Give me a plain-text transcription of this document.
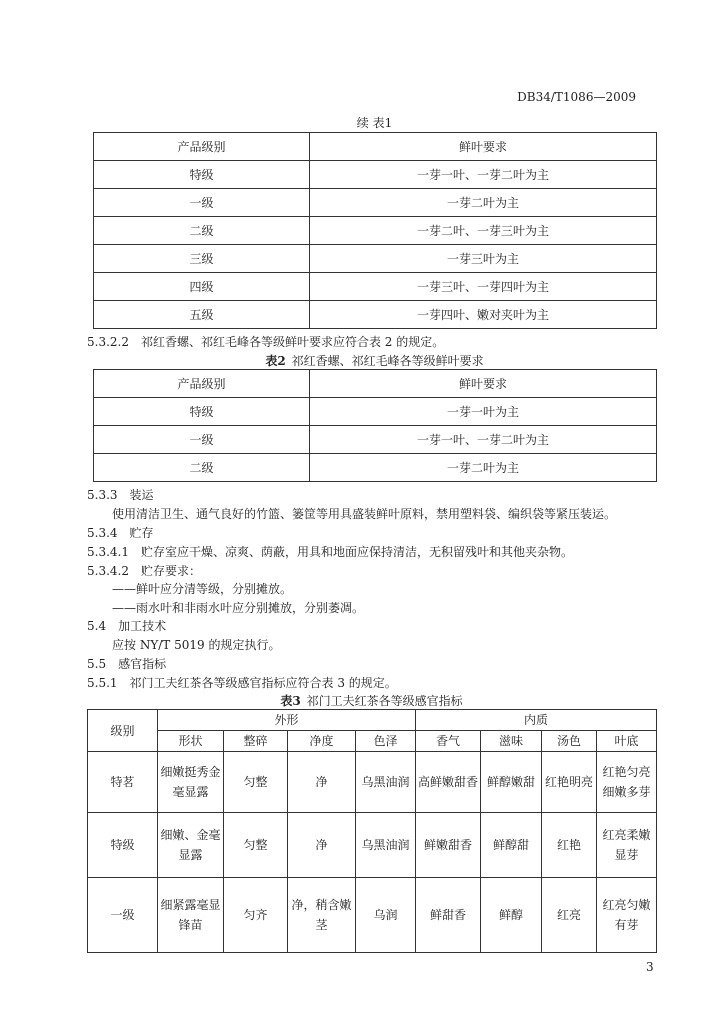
DB34/T1086—2009
续 表1
产品级别	鲜叶要求
特级	一芽一叶、一芽二叶为主
一级	一芽二叶为主
二级	一芽二叶、一芽三叶为主
三级	一芽三叶为主
四级	一芽三叶、一芽四叶为主
五级	一芽四叶、嫩对夹叶为主
5.3.2.2　祁红香螺、祁红毛峰各等级鲜叶要求应符合表 2 的规定。
表2 祁红香螺、祁红毛峰各等级鲜叶要求
产品级别	鲜叶要求
特级	一芽一叶为主
一级	一芽一叶、一芽二叶为主
二级	一芽二叶为主
5.3.3　装运
使用清洁卫生、通气良好的竹篮、篓筐等用具盛装鲜叶原料，禁用塑料袋、编织袋等紧压装运。
5.3.4　贮存
5.3.4.1　贮存室应干燥、凉爽、荫蔽，用具和地面应保持清洁，无积留残叶和其他夹杂物。
5.3.4.2　贮存要求：
——鲜叶应分清等级，分别摊放。
——雨水叶和非雨水叶应分别摊放，分别萎凋。
5.4　加工技术
应按 NY/T 5019 的规定执行。
5.5　感官指标
5.5.1　祁门工夫红茶各等级感官指标应符合表 3 的规定。
表3 祁门工夫红茶各等级感官指标
级别	外形				内质			
	形状	整碎	净度	色泽	香气	滋味	汤色	叶底
特茗	细嫩挺秀金毫显露	匀整	净	乌黑油润	高鲜嫩甜香	鲜醇嫩甜	红艳明亮	红艳匀亮细嫩多芽
特级	细嫩、金毫显露	匀整	净	乌黑油润	鲜嫩甜香	鲜醇甜	红艳	红亮柔嫩显芽
一级	细紧露毫显锋苗	匀齐	净，稍含嫩茎	乌润	鲜甜香	鲜醇	红亮	红亮匀嫩有芽
3
